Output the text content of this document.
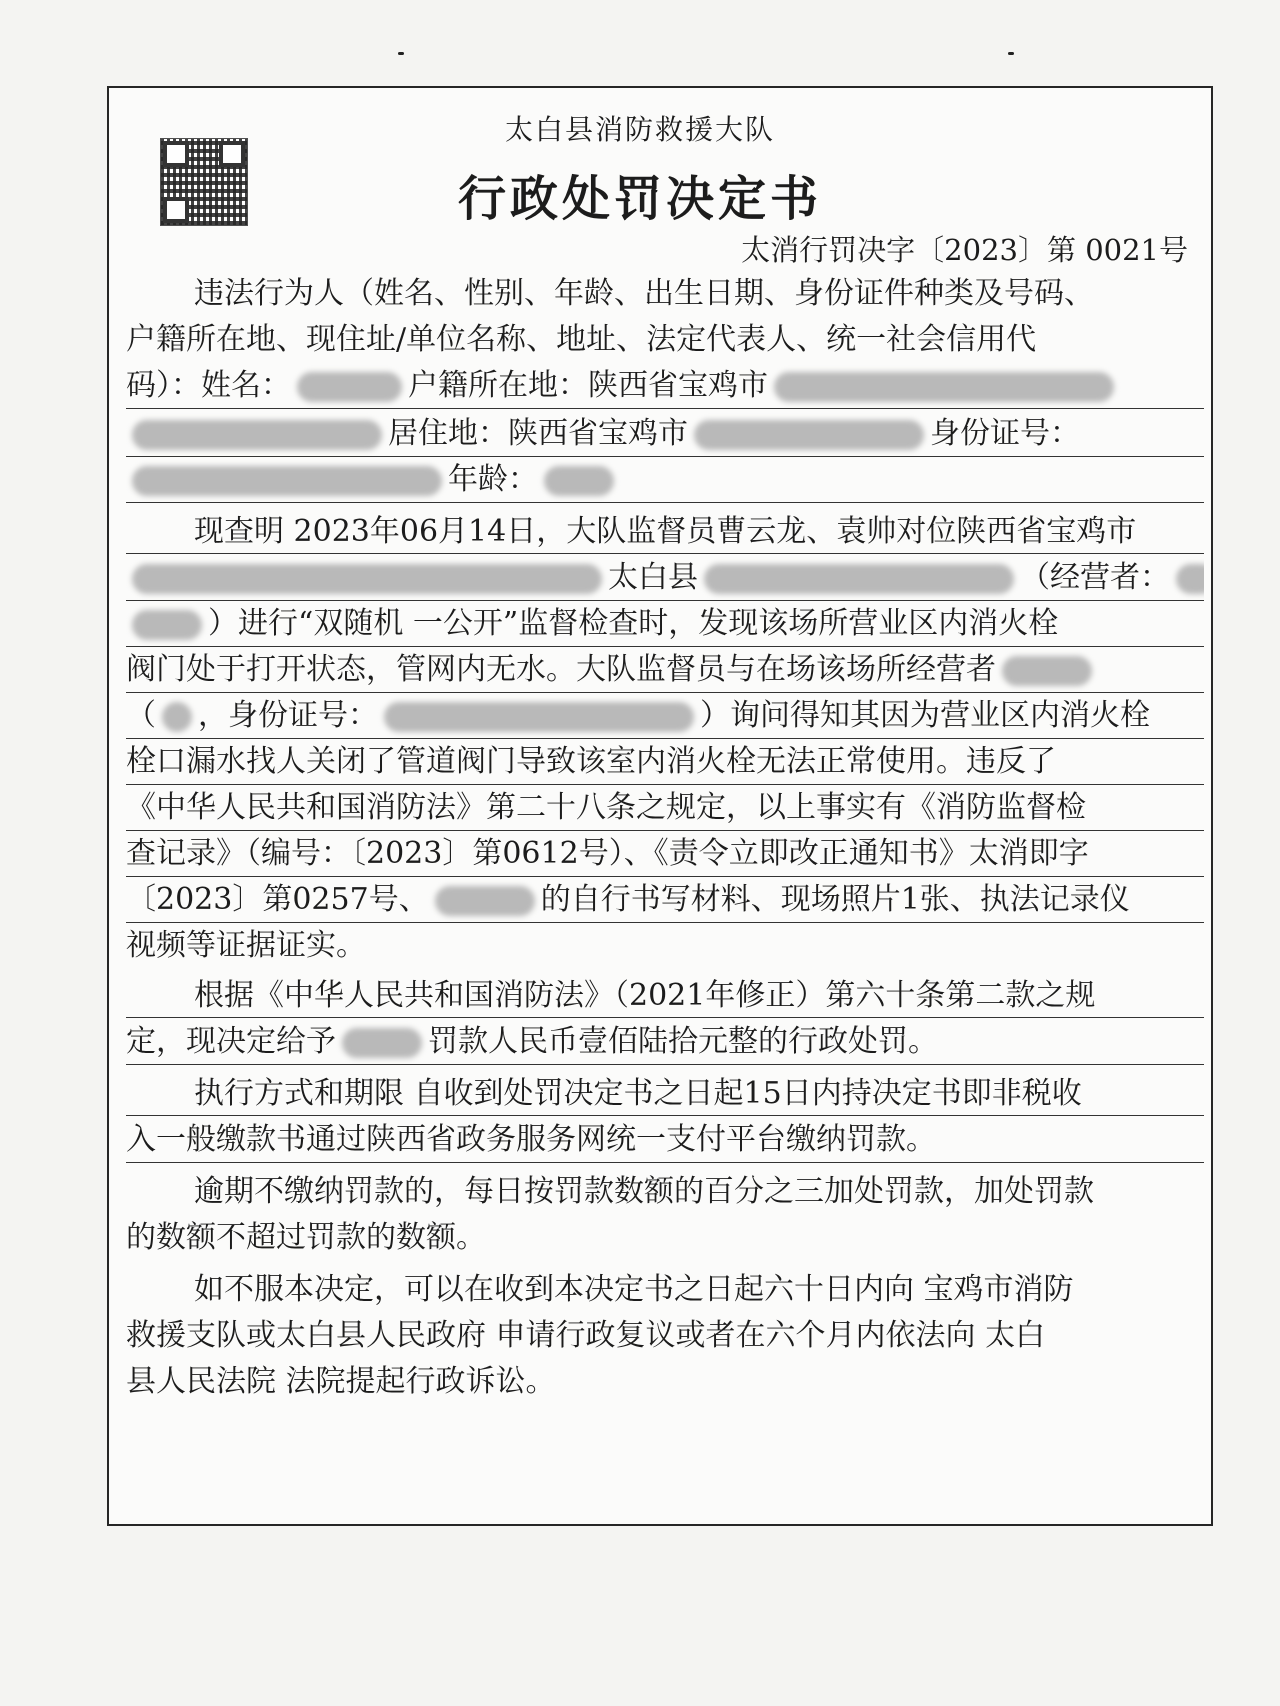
太白县消防救援大队
行政处罚决定书
太消行罚决字〔2023〕第 0021号
违法行为人（姓名、性别、年龄、出生日期、身份证件种类及号码、
户籍所在地、现住址/单位名称、地址、法定代表人、统一社会信用代
码）：姓名：	户籍所在地：陕西省宝鸡市
居住地：陕西省宝鸡市	身份证号：
年龄：
现查明 2023年06月14日，大队监督员曹云龙、袁帅对位陕西省宝鸡市
太白县	（经营者：
）进行“双随机 一公开”监督检查时，发现该场所营业区内消火栓
阀门处于打开状态，管网内无水。大队监督员与在场该场所经营者
（ ，身份证号：	）询问得知其因为营业区内消火栓
栓口漏水找人关闭了管道阀门导致该室内消火栓无法正常使用。违反了
《中华人民共和国消防法》第二十八条之规定，以上事实有《消防监督检
查记录》（编号：〔2023〕第0612号）、《责令立即改正通知书》太消即字
〔2023〕第0257号、	的自行书写材料、现场照片1张、执法记录仪
视频等证据证实。
根据《中华人民共和国消防法》（2021年修正）第六十条第二款之规
定，现决定给予	罚款人民币壹佰陆拾元整的行政处罚。
执行方式和期限 自收到处罚决定书之日起15日内持决定书即非税收
入一般缴款书通过陕西省政务服务网统一支付平台缴纳罚款。
逾期不缴纳罚款的，每日按罚款数额的百分之三加处罚款，加处罚款
的数额不超过罚款的数额。
如不服本决定，可以在收到本决定书之日起六十日内向 宝鸡市消防
救援支队或太白县人民政府 申请行政复议或者在六个月内依法向 太白
县人民法院 法院提起行政诉讼。
